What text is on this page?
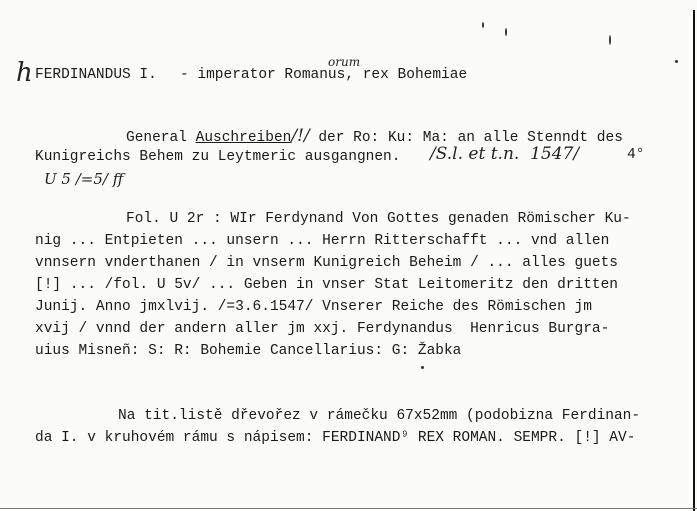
h FERDINANDUS I. - imperator Romanus, rex Bohemiae
orum
General Auschreiben/!/ der Ro: Ku: Ma: an alle Stenndt des
Kunigreichs Behem zu Leytmeric ausgangnen. /S.l. et t.n.  1547/	4°
U 5 /=5/ ff
Fol. U 2r : WIr Ferdynand Von Gottes genaden Römischer Ku-
nig ... Entpieten ... unsern ... Herrn Ritterschafft ... vnd allen
vnnsern vnderthanen / in vnserm Kunigreich Beheim / ... alles guets
[!] ... /fol. U 5v/ ... Geben in vnser Stat Leitomeritz den dritten
Junij. Anno jmxlvij. /=3.6.1547/ Vnserer Reiche des Römischen jm
xvij / vnnd der andern aller jm xxj. Ferdynandus  Henricus Burgra-
uius Misneñ: S: R: Bohemie Cancellarius: G: Žabka
Na tit.listě dřevořez v rámečku 67x52mm (podobizna Ferdinan-
da I. v kruhovém rámu s nápisem: FERDINAND⁹ REX ROMAN. SEMPR. [!] AV-
